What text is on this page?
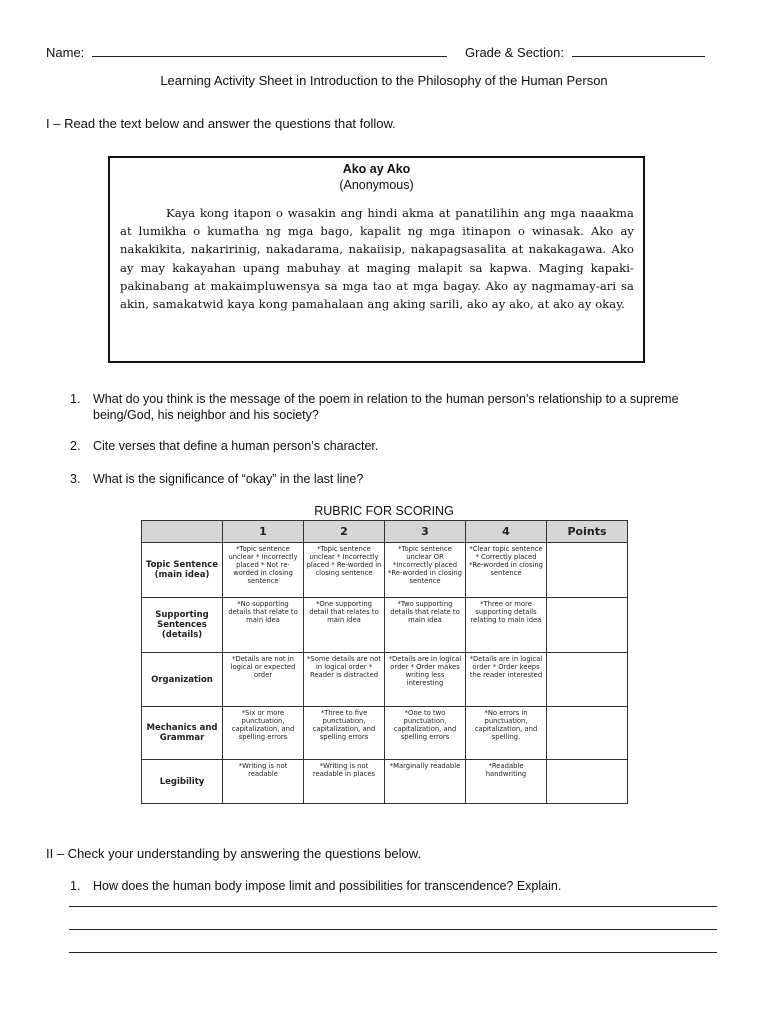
Name:	Grade & Section:
Learning Activity Sheet in Introduction to the Philosophy of the Human Person
I – Read the text below and answer the questions that follow.
Ako ay Ako
(Anonymous)
Kaya kong itapon o wasakin ang hindi akma at panatilihin ang mga naaakma at lumikha o kumatha ng mga bago, kapalit ng mga itinapon o winasak. Ako ay nakakikita, nakaririnig, nakadarama, nakaiisip, nakapagsasalita at nakakagawa. Ako ay may kakayahan upang mabuhay at maging malapit sa kapwa. Maging kapaki-pakinabang at makaimpluwensya sa mga tao at mga bagay. Ako ay nagmamay-ari sa akin, samakatwid kaya kong pamahalaan ang aking sarili, ako ay ako, at ako ay okay.
1. What do you think is the message of the poem in relation to the human person’s relationship to a supreme being/God, his neighbor and his society?
2. Cite verses that define a human person’s character.
3. What is the significance of “okay” in the last line?
RUBRIC FOR SCORING
	1	2	3	4	Points
Topic Sentence (main idea)	*Topic sentence unclear * Incorrectly placed * Not re-worded in closing sentence	*Topic sentence unclear * Incorrectly placed * Re-worded in closing sentence	*Topic sentence unclear OR *Incorrectly placed *Re-worded in closing sentence	*Clear topic sentence * Correctly placed *Re-worded in closing sentence	
Supporting Sentences (details)	*No supporting details that relate to main idea	*One supporting detail that relates to main idea	*Two supporting details that relate to main idea	*Three or more supporting details relating to main idea	
Organization	*Details are not in logical or expected order	*Some details are not in logical order * Reader is distracted	*Details are in logical order * Order makes writing less interesting	*Details are in logical order * Order keeps the reader interested	
Mechanics and Grammar	*Six or more punctuation, capitalization, and spelling errors	*Three to five punctuation, capitalization, and spelling errors	*One to two punctuation, capitalization, and spelling errors	*No errors in punctuation, capitalization, and spelling.	
Legibility	*Writing is not readable	*Writing is not readable in places	*Marginally readable	*Readable handwriting	
II – Check your understanding by answering the questions below.
1. How does the human body impose limit and possibilities for transcendence? Explain.
